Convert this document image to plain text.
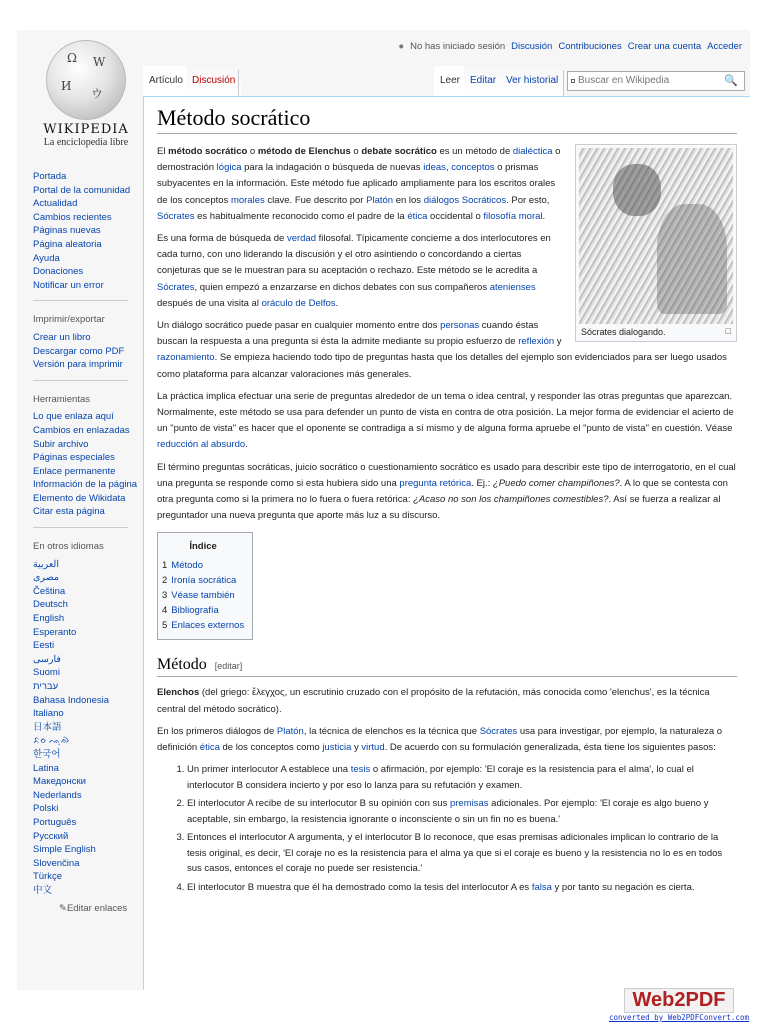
Ω W
И
ウ
WIKIPEDIA
La enciclopedia libre
● No has iniciado sesión Discusión Contribuciones Crear una cuenta Acceder
Artículo Discusión	Leer Editar Ver historial	Buscar en Wikipedia	🔍
Portada
Portal de la comunidad
Actualidad
Cambios recientes
Páginas nuevas
Página aleatoria
Ayuda
Donaciones
Notificar un error
Imprimir/exportar
Crear un libro
Descargar como PDF
Versión para imprimir
Herramientas
Lo que enlaza aquí
Cambios en enlazadas
Subir archivo
Páginas especiales
Enlace permanente
Información de la página
Elemento de Wikidata
Citar esta página
En otros idiomas
العربية
مصرى
Čeština
Deutsch
English
Esperanto
Eesti
فارسی
Suomi
עברית
Bahasa Indonesia
Italiano
日本語
ᨅᨔ ᨕᨘᨁᨗ
한국어
Latina
Македонски
Nederlands
Polski
Português
Русский
Simple English
Slovenčina
Türkçe
中文
✎Editar enlaces
Método socrático
Sócrates dialogando.	□

El método socrático o método de Elenchus o debate socrático es un método de dialéctica o demostración lógica para la indagación o búsqueda de nuevas ideas, conceptos o prismas subyacentes en la información. Este método fue aplicado ampliamente para los escritos orales de los conceptos morales clave. Fue descrito por Platón en los diálogos Socráticos. Por esto, Sócrates es habitualmente reconocido como el padre de la ética occidental o filosofía moral.

Es una forma de búsqueda de verdad filosofal. Típicamente concierne a dos interlocutores en cada turno, con uno liderando la discusión y el otro asintiendo o concordando a ciertas conjeturas que se le muestran para su aceptación o rechazo. Este método se le acredita a Sócrates, quien empezó a enzarzarse en dichos debates con sus compañeros atenienses después de una visita al oráculo de Delfos.

Un diálogo socrático puede pasar en cualquier momento entre dos personas cuando éstas buscan la respuesta a una pregunta si ésta la admite mediante su propio esfuerzo de reflexión y razonamiento. Se empieza haciendo todo tipo de preguntas hasta que los detalles del ejemplo son evidenciados para ser luego usados como plataforma para alcanzar valoraciones más generales.

La práctica implica efectuar una serie de preguntas alrededor de un tema o idea central, y responder las otras preguntas que aparezcan. Normalmente, este método se usa para defender un punto de vista en contra de otra posición. La mejor forma de evidenciar el acierto de un "punto de vista" es hacer que el oponente se contradiga a sí mismo y de alguna forma apruebe el "punto de vista" en cuestión. Véase reducción al absurdo.

El término preguntas socráticas, juicio socrático o cuestionamiento socrático es usado para describir este tipo de interrogatorio, en el cual una pregunta se responde como si esta hubiera sido una pregunta retórica. Ej.: ¿Puedo comer champiñones?. A lo que se contesta con otra pregunta como si la primera no lo fuera o fuera retórica: ¿Acaso no son los champiñones comestibles?. Así se fuerza a realizar al preguntador una nueva pregunta que aporte más luz a su discurso.

Índice
1 Método
2 Ironía socrática
3 Véase también
4 Bibliografía
5 Enlaces externos
Método [editar]

Elenchos (del griego: ἔλεγχος, un escrutinio cruzado con el propósito de la refutación, más conocida como 'elenchus', es la técnica central del método socrático).

En los primeros diálogos de Platón, la técnica de elenchos es la técnica que Sócrates usa para investigar, por ejemplo, la naturaleza o definición ética de los conceptos como justicia y virtud. De acuerdo con su formulación generalizada, ésta tiene los siguientes pasos:

1. Un primer interlocutor A establece una tesis o afirmación, por ejemplo: 'El coraje es la resistencia para el alma', lo cual el interlocutor B considera incierto y por eso lo lanza para su refutación y examen.
2. El interlocutor A recibe de su interlocutor B su opinión con sus premisas adicionales. Por ejemplo: 'El coraje es algo bueno y aceptable, sin embargo, la resistencia ignorante o inconsciente o sin un fin no es buena.'
3. Entonces el interlocutor A argumenta, y el interlocutor B lo reconoce, que esas premisas adicionales implican lo contrario de la tesis original, es decir, 'El coraje no es la resistencia para el alma ya que si el coraje es bueno y la resistencia no lo es en todos sus casos, entonces el coraje no puede ser resistencia.'
4. El interlocutor B muestra que él ha demostrado como la tesis del interlocutor A es falsa y por tanto su negación es cierta.
Web2PDF
converted by Web2PDFConvert.com
